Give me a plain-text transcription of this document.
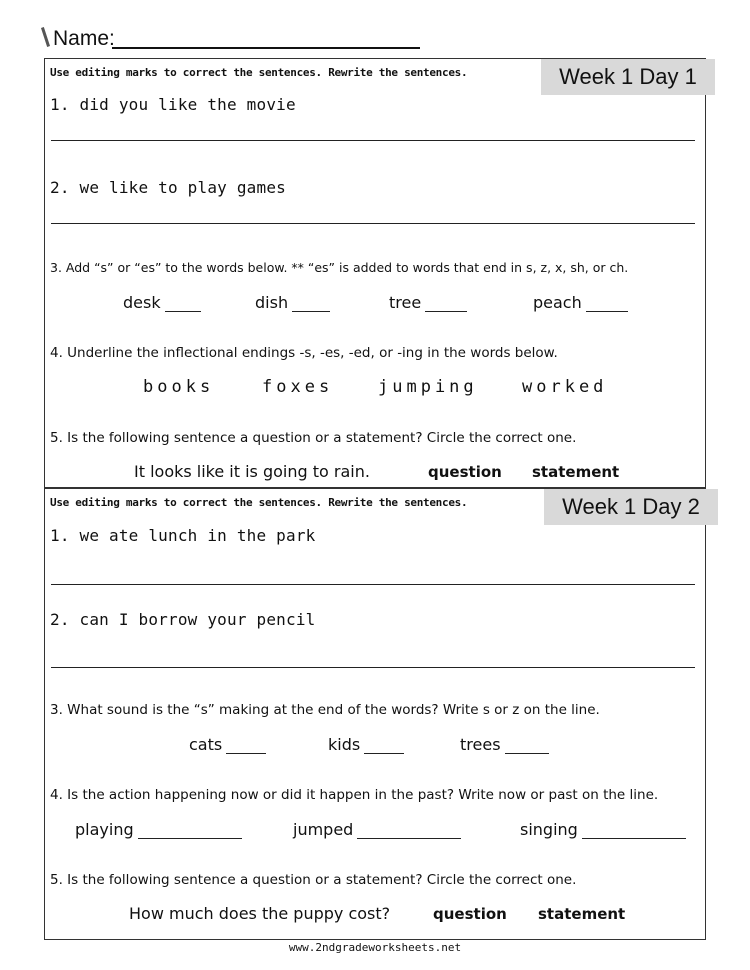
Name:
Use editing marks to correct the sentences. Rewrite the sentences.	Week 1 Day 1
1. did you like the movie
2. we like to play games
3. Add “s” or “es” to the words below. ** “es” is added to words that end in s, z, x, sh, or ch.
desk	dish	tree	peach
4. Underline the inflectional endings -s, -es, -ed, or -ing in the words below.
books	foxes	jumping	worked
5. Is the following sentence a question or a statement? Circle the correct one.
It looks like it is going to rain.	question statement
Use editing marks to correct the sentences. Rewrite the sentences.	Week 1 Day 2
1. we ate lunch in the park
2. can I borrow your pencil
3. What sound is the “s” making at the end of the words? Write s or z on the line.
cats	kids	trees
4. Is the action happening now or did it happen in the past? Write now or past on the line.
playing	jumped	singing
5. Is the following sentence a question or a statement? Circle the correct one.
How much does the puppy cost?	question statement
www.2ndgradeworksheets.net
